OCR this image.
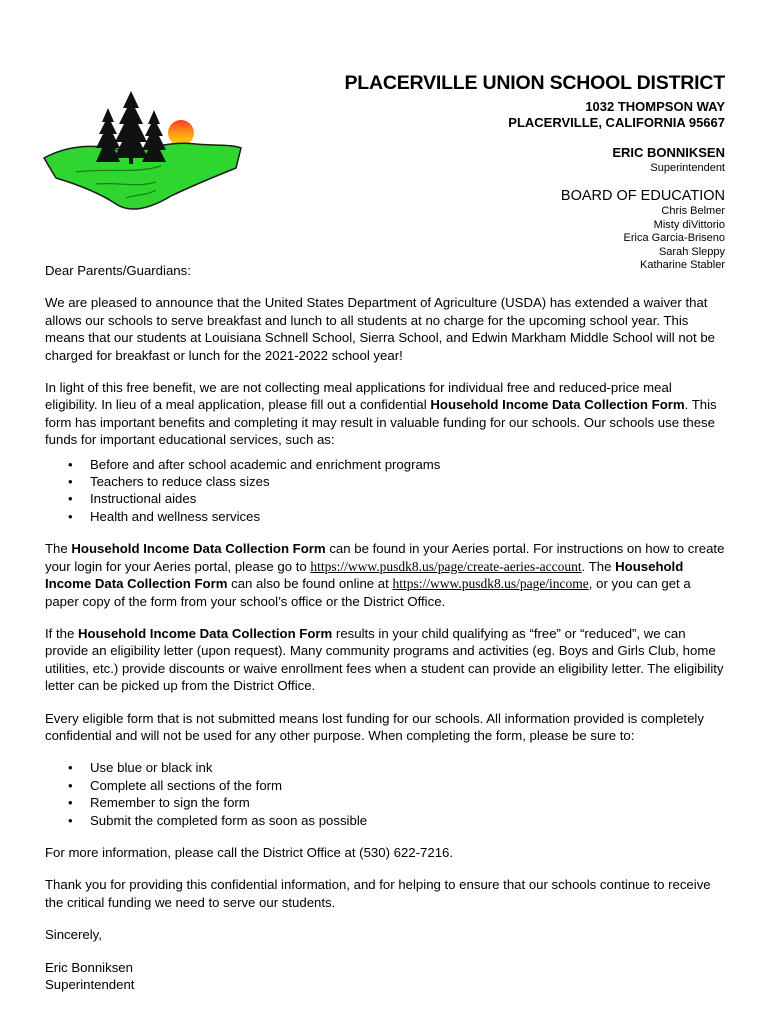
PLACERVILLE UNION SCHOOL DISTRICT
1032 THOMPSON WAY
PLACERVILLE, CALIFORNIA 95667
ERIC BONNIKSEN
Superintendent
BOARD OF EDUCATION
Chris Belmer
Misty diVittorio
Erica Garcia-Briseno
Sarah Sleppy
Katharine Stabler

Dear Parents/Guardians:

We are pleased to announce that the United States Department of Agriculture (USDA) has extended a waiver that allows our schools to serve breakfast and lunch to all students at no charge for the upcoming school year. This means that our students at Louisiana Schnell School, Sierra School, and Edwin Markham Middle School will not be charged for breakfast or lunch for the 2021-2022 school year!

In light of this free benefit, we are not collecting meal applications for individual free and reduced-price meal eligibility. In lieu of a meal application, please fill out a confidential Household Income Data Collection Form. This form has important benefits and completing it may result in valuable funding for our schools. Our schools use these funds for important educational services, such as:

• Before and after school academic and enrichment programs
• Teachers to reduce class sizes
• Instructional aides
• Health and wellness services

The Household Income Data Collection Form can be found in your Aeries portal. For instructions on how to create your login for your Aeries portal, please go to https://www.pusdk8.us/page/create-aeries-account. The Household Income Data Collection Form can also be found online at https://www.pusdk8.us/page/income, or you can get a paper copy of the form from your school’s office or the District Office.

If the Household Income Data Collection Form results in your child qualifying as “free” or “reduced”, we can provide an eligibility letter (upon request). Many community programs and activities (eg. Boys and Girls Club, home utilities, etc.) provide discounts or waive enrollment fees when a student can provide an eligibility letter. The eligibility letter can be picked up from the District Office.

Every eligible form that is not submitted means lost funding for our schools. All information provided is completely confidential and will not be used for any other purpose. When completing the form, please be sure to:

• Use blue or black ink
• Complete all sections of the form
• Remember to sign the form
• Submit the completed form as soon as possible

For more information, please call the District Office at (530) 622-7216.

Thank you for providing this confidential information, and for helping to ensure that our schools continue to receive the critical funding we need to serve our students.

Sincerely,

Eric Bonniksen
Superintendent
